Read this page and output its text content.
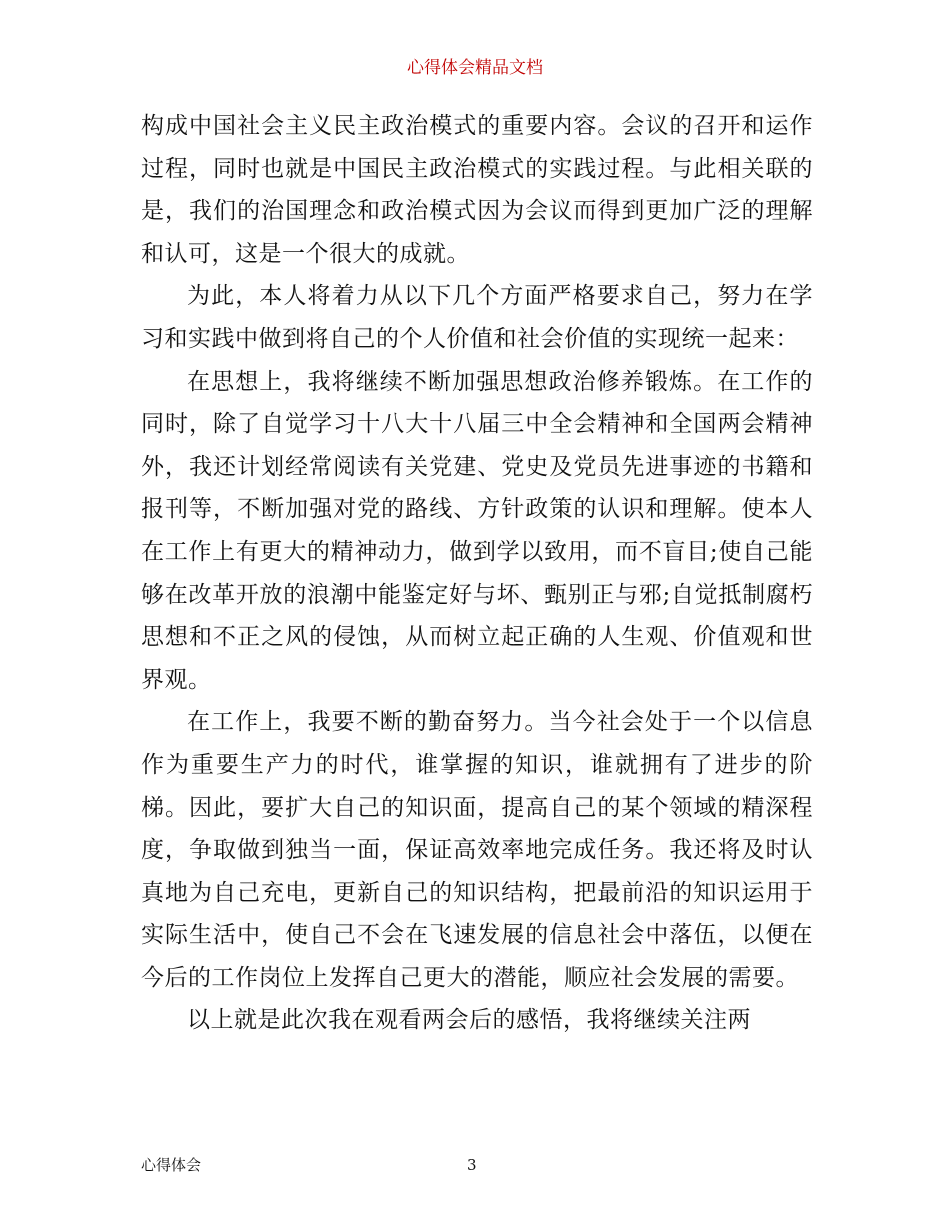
心得体会精品文档

构成中国社会主义民主政治模式的重要内容。会议的召开和运作过程，同时也就是中国民主政治模式的实践过程。与此相关联的是，我们的治国理念和政治模式因为会议而得到更加广泛的理解和认可，这是一个很大的成就。

为此，本人将着力从以下几个方面严格要求自己，努力在学习和实践中做到将自己的个人价值和社会价值的实现统一起来：

在思想上，我将继续不断加强思想政治修养锻炼。在工作的同时，除了自觉学习十八大十八届三中全会精神和全国两会精神外，我还计划经常阅读有关党建、党史及党员先进事迹的书籍和报刊等，不断加强对党的路线、方针政策的认识和理解。使本人在工作上有更大的精神动力，做到学以致用，而不盲目;使自己能够在改革开放的浪潮中能鉴定好与坏、甄别正与邪;自觉抵制腐朽思想和不正之风的侵蚀，从而树立起正确的人生观、价值观和世界观。

在工作上，我要不断的勤奋努力。当今社会处于一个以信息作为重要生产力的时代，谁掌握的知识，谁就拥有了进步的阶梯。因此，要扩大自己的知识面，提高自己的某个领域的精深程度，争取做到独当一面，保证高效率地完成任务。我还将及时认真地为自己充电，更新自己的知识结构，把最前沿的知识运用于实际生活中，使自己不会在飞速发展的信息社会中落伍，以便在今后的工作岗位上发挥自己更大的潜能，顺应社会发展的需要。

以上就是此次我在观看两会后的感悟，我将继续关注两

心得体会	3
